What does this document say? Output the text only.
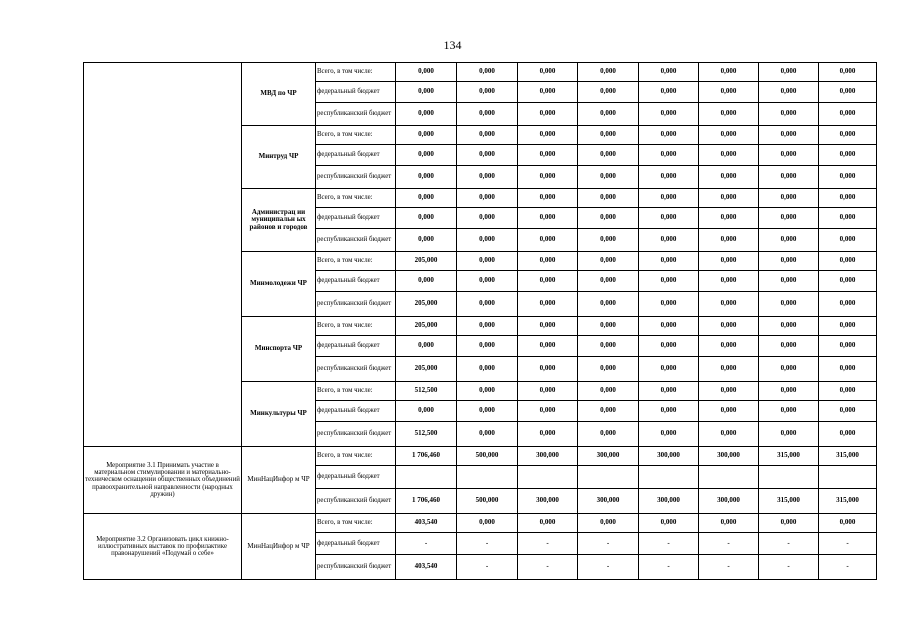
134
	МВД по ЧР	Всего, в том числе:	0,000	0,000	0,000	0,000	0,000	0,000	0,000	0,000
		федеральный бюджет	0,000	0,000	0,000	0,000	0,000	0,000	0,000	0,000
		республиканский бюджет	0,000	0,000	0,000	0,000	0,000	0,000	0,000	0,000
	Минтруд ЧР	Всего, в том числе:	0,000	0,000	0,000	0,000	0,000	0,000	0,000	0,000
		федеральный бюджет	0,000	0,000	0,000	0,000	0,000	0,000	0,000	0,000
		республиканский бюджет	0,000	0,000	0,000	0,000	0,000	0,000	0,000	0,000
	Администрац ии муниципальн ых районов и городов	Всего, в том числе:	0,000	0,000	0,000	0,000	0,000	0,000	0,000	0,000
		федеральный бюджет	0,000	0,000	0,000	0,000	0,000	0,000	0,000	0,000
		республиканский бюджет	0,000	0,000	0,000	0,000	0,000	0,000	0,000	0,000
	Минмолодежи ЧР	Всего, в том числе:	205,000	0,000	0,000	0,000	0,000	0,000	0,000	0,000
		федеральный бюджет	0,000	0,000	0,000	0,000	0,000	0,000	0,000	0,000
		республиканский бюджет	205,000	0,000	0,000	0,000	0,000	0,000	0,000	0,000
	Минспорта ЧР	Всего, в том числе:	205,000	0,000	0,000	0,000	0,000	0,000	0,000	0,000
		федеральный бюджет	0,000	0,000	0,000	0,000	0,000	0,000	0,000	0,000
		республиканский бюджет	205,000	0,000	0,000	0,000	0,000	0,000	0,000	0,000
	Минкультуры ЧР	Всего, в том числе:	512,500	0,000	0,000	0,000	0,000	0,000	0,000	0,000
		федеральный бюджет	0,000	0,000	0,000	0,000	0,000	0,000	0,000	0,000
		республиканский бюджет	512,500	0,000	0,000	0,000	0,000	0,000	0,000	0,000
Мероприятие 3.1 Принимать участие в материальном стимулировании и материально-техническом оснащении общественных объединений правоохранительной направленности (народных дружин)	МинНацИнфор м ЧР	Всего, в том числе:	1 706,460	500,000	300,000	300,000	300,000	300,000	315,000	315,000
		федеральный бюджет								
		республиканский бюджет	1 706,460	500,000	300,000	300,000	300,000	300,000	315,000	315,000
Мероприятие 3.2 Организовать цикл книжно-иллюстративных выставок по профилактике правонарушений «Подумай о себе»	МинНацИнфор м ЧР	Всего, в том числе:	403,540	0,000	0,000	0,000	0,000	0,000	0,000	0,000
		федеральный бюджет	-	-	-	-	-	-	-	-
		республиканский бюджет	403,540	-	-	-	-	-	-	-
